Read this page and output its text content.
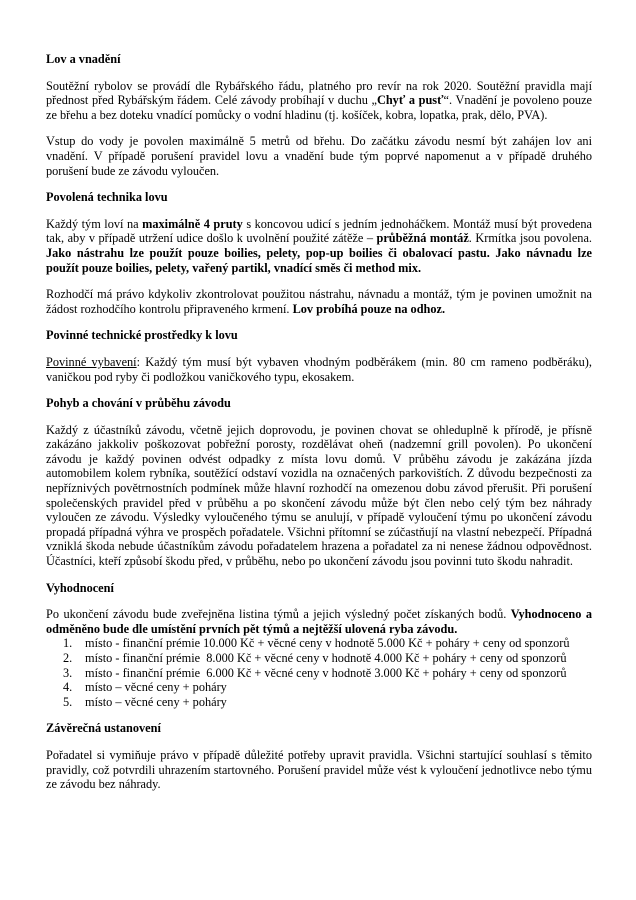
Lov a vnadění

Soutěžní rybolov se provádí dle Rybářského řádu, platného pro revír na rok 2020. Soutěžní pravidla mají přednost před Rybářským řádem. Celé závody probíhají v duchu „Chyť a pusť“. Vnadění je povoleno pouze ze břehu a bez doteku vnadící pomůcky o vodní hladinu (tj. košíček, kobra, lopatka, prak, dělo, PVA).

Vstup do vody je povolen maximálně 5 metrů od břehu. Do začátku závodu nesmí být zahájen lov ani vnadění. V případě porušení pravidel lovu a vnadění bude tým poprvé napomenut a v případě druhého porušení bude ze závodu vyloučen.

Povolená technika lovu

Každý tým loví na maximálně 4 pruty s koncovou udicí s jedním jednoháčkem. Montáž musí být provedena tak, aby v případě utržení udice došlo k uvolnění použité zátěže – průběžná montáž. Krmítka jsou povolena. Jako nástrahu lze použít pouze boilies, pelety, pop-up boilies či obalovací pastu. Jako návnadu lze použít pouze boilies, pelety, vařený partikl, vnadící směs či method mix.

Rozhodčí má právo kdykoliv zkontrolovat použitou nástrahu, návnadu a montáž, tým je povinen umožnit na žádost rozhodčího kontrolu připraveného krmení. Lov probíhá pouze na odhoz.

Povinné technické prostředky k lovu

Povinné vybavení: Každý tým musí být vybaven vhodným podběrákem (min. 80 cm rameno podběráku), vaničkou pod ryby či podložkou vaničkového typu, ekosakem.

Pohyb a chování v průběhu závodu

Každý z účastníků závodu, včetně jejich doprovodu, je povinen chovat se ohleduplně k přírodě, je přísně zakázáno jakkoliv poškozovat pobřežní porosty, rozdělávat oheň (nadzemní grill povolen). Po ukončení závodu je každý povinen odvést odpadky z místa lovu domů. V průběhu závodu je zakázána jízda automobilem kolem rybníka, soutěžící odstaví vozidla na označených parkovištích. Z důvodu bezpečnosti za nepříznivých povětrnostních podmínek může hlavní rozhodčí na omezenou dobu závod přerušit. Při porušení společenských pravidel před v průběhu a po skončení závodu může být člen nebo celý tým bez náhrady vyloučen ze závodu. Výsledky vyloučeného týmu se anulují, v případě vyloučení týmu po ukončení závodu propadá případná výhra ve prospěch pořadatele. Všichni přítomní se zúčastňují na vlastní nebezpečí. Případná vzniklá škoda nebude účastníkům závodu pořadatelem hrazena a pořadatel za ni nenese žádnou odpovědnost. Účastníci, kteří způsobí škodu před, v průběhu, nebo po ukončení závodu jsou povinni tuto škodu nahradit.

Vyhodnocení

Po ukončení závodu bude zveřejněna listina týmů a jejich výsledný počet získaných bodů. Vyhodnoceno a odměněno bude dle umístění prvních pět týmů a nejtěžší ulovená ryba závodu.

1.	místo - finanční prémie 10.000 Kč + věcné ceny v hodnotě 5.000 Kč + poháry + ceny od sponzorů
2.	místo - finanční prémie  8.000 Kč + věcné ceny v hodnotě 4.000 Kč + poháry + ceny od sponzorů
3.	místo - finanční prémie  6.000 Kč + věcné ceny v hodnotě 3.000 Kč + poháry + ceny od sponzorů
4.	místo – věcné ceny + poháry
5.	místo – věcné ceny + poháry

Závěrečná ustanovení

Pořadatel si vymiňuje právo v případě důležité potřeby upravit pravidla. Všichni startující souhlasí s těmito pravidly, což potvrdili uhrazením startovného. Porušení pravidel může vést k vyloučení jednotlivce nebo týmu ze závodu bez náhrady.
